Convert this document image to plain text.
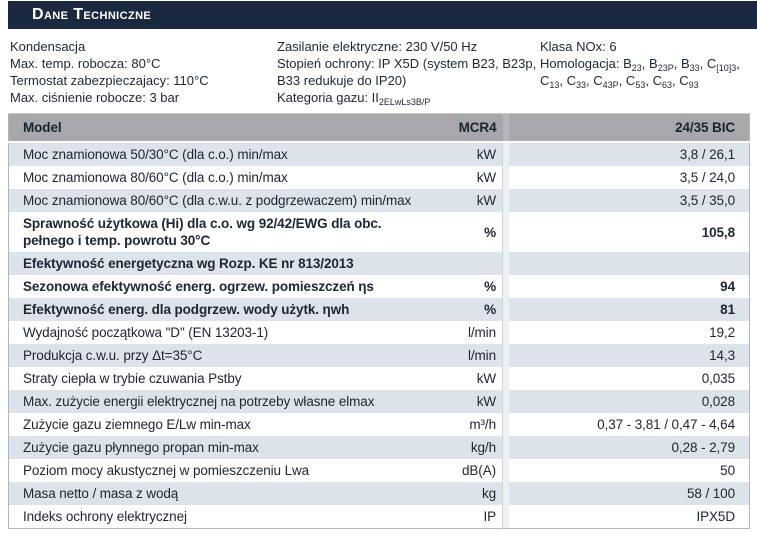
Dane Techniczne
Kondensacja
Max. temp. robocza: 80°C
Termostat zabezpieczajacy: 110°C
Max. ciśnienie robocze: 3 bar
Zasilanie elektryczne: 230 V/50 Hz
Stopień ochrony: IP X5D (system B23, B23p, B33 redukuje do IP20)
Kategoria gazu: $II_{2ELwLs3B/P}$
Klasa NOx: 6
Homologacja: $B_{23}$, $B_{23P}$, $B_{33}$, $C_{[10]3}$, $C_{13}$, $C_{33}$, $C_{43P}$, $C_{53}$, $C_{63}$, $C_{93}$
Model	MCR4		24/35 BIC
Moc znamionowa 50/30°C (dla c.o.) min/max	kW		3,8 / 26,1
Moc znamionowa 80/60°C (dla c.o.) min/max	kW		3,5 / 24,0
Moc znamionowa 80/60°C (dla c.w.u. z podgrzewaczem) min/max	kW		3,5 / 35,0
Sprawność użytkowa (Hi) dla c.o. wg 92/42/EWG dla obc. pełnego i temp. powrotu 30°C	%		105,8
Efektywność energetyczna wg Rozp. KE nr 813/2013			
Sezonowa efektywność energ. ogrzew. pomieszczeń ηs	%		94
Efektywność energ. dla podgrzew. wody użytk. ηwh	%		81
Wydajność początkowa "D" (EN 13203-1)	l/min		19,2
Produkcja c.w.u. przy Δt=35°C	l/min		14,3
Straty ciepła w trybie czuwania Pstby	kW		0,035
Max. zużycie energii elektrycznej na potrzeby własne elmax	kW		0,028
Zużycie gazu ziemnego E/Lw min-max	m³/h		0,37 - 3,81 / 0,47 - 4,64
Zużycie gazu płynnego propan min-max	kg/h		0,28 - 2,79
Poziom mocy akustycznej w pomieszczeniu Lwa	dB(A)		50
Masa netto / masa z wodą	kg		58 / 100
Indeks ochrony elektrycznej	IP		IPX5D
